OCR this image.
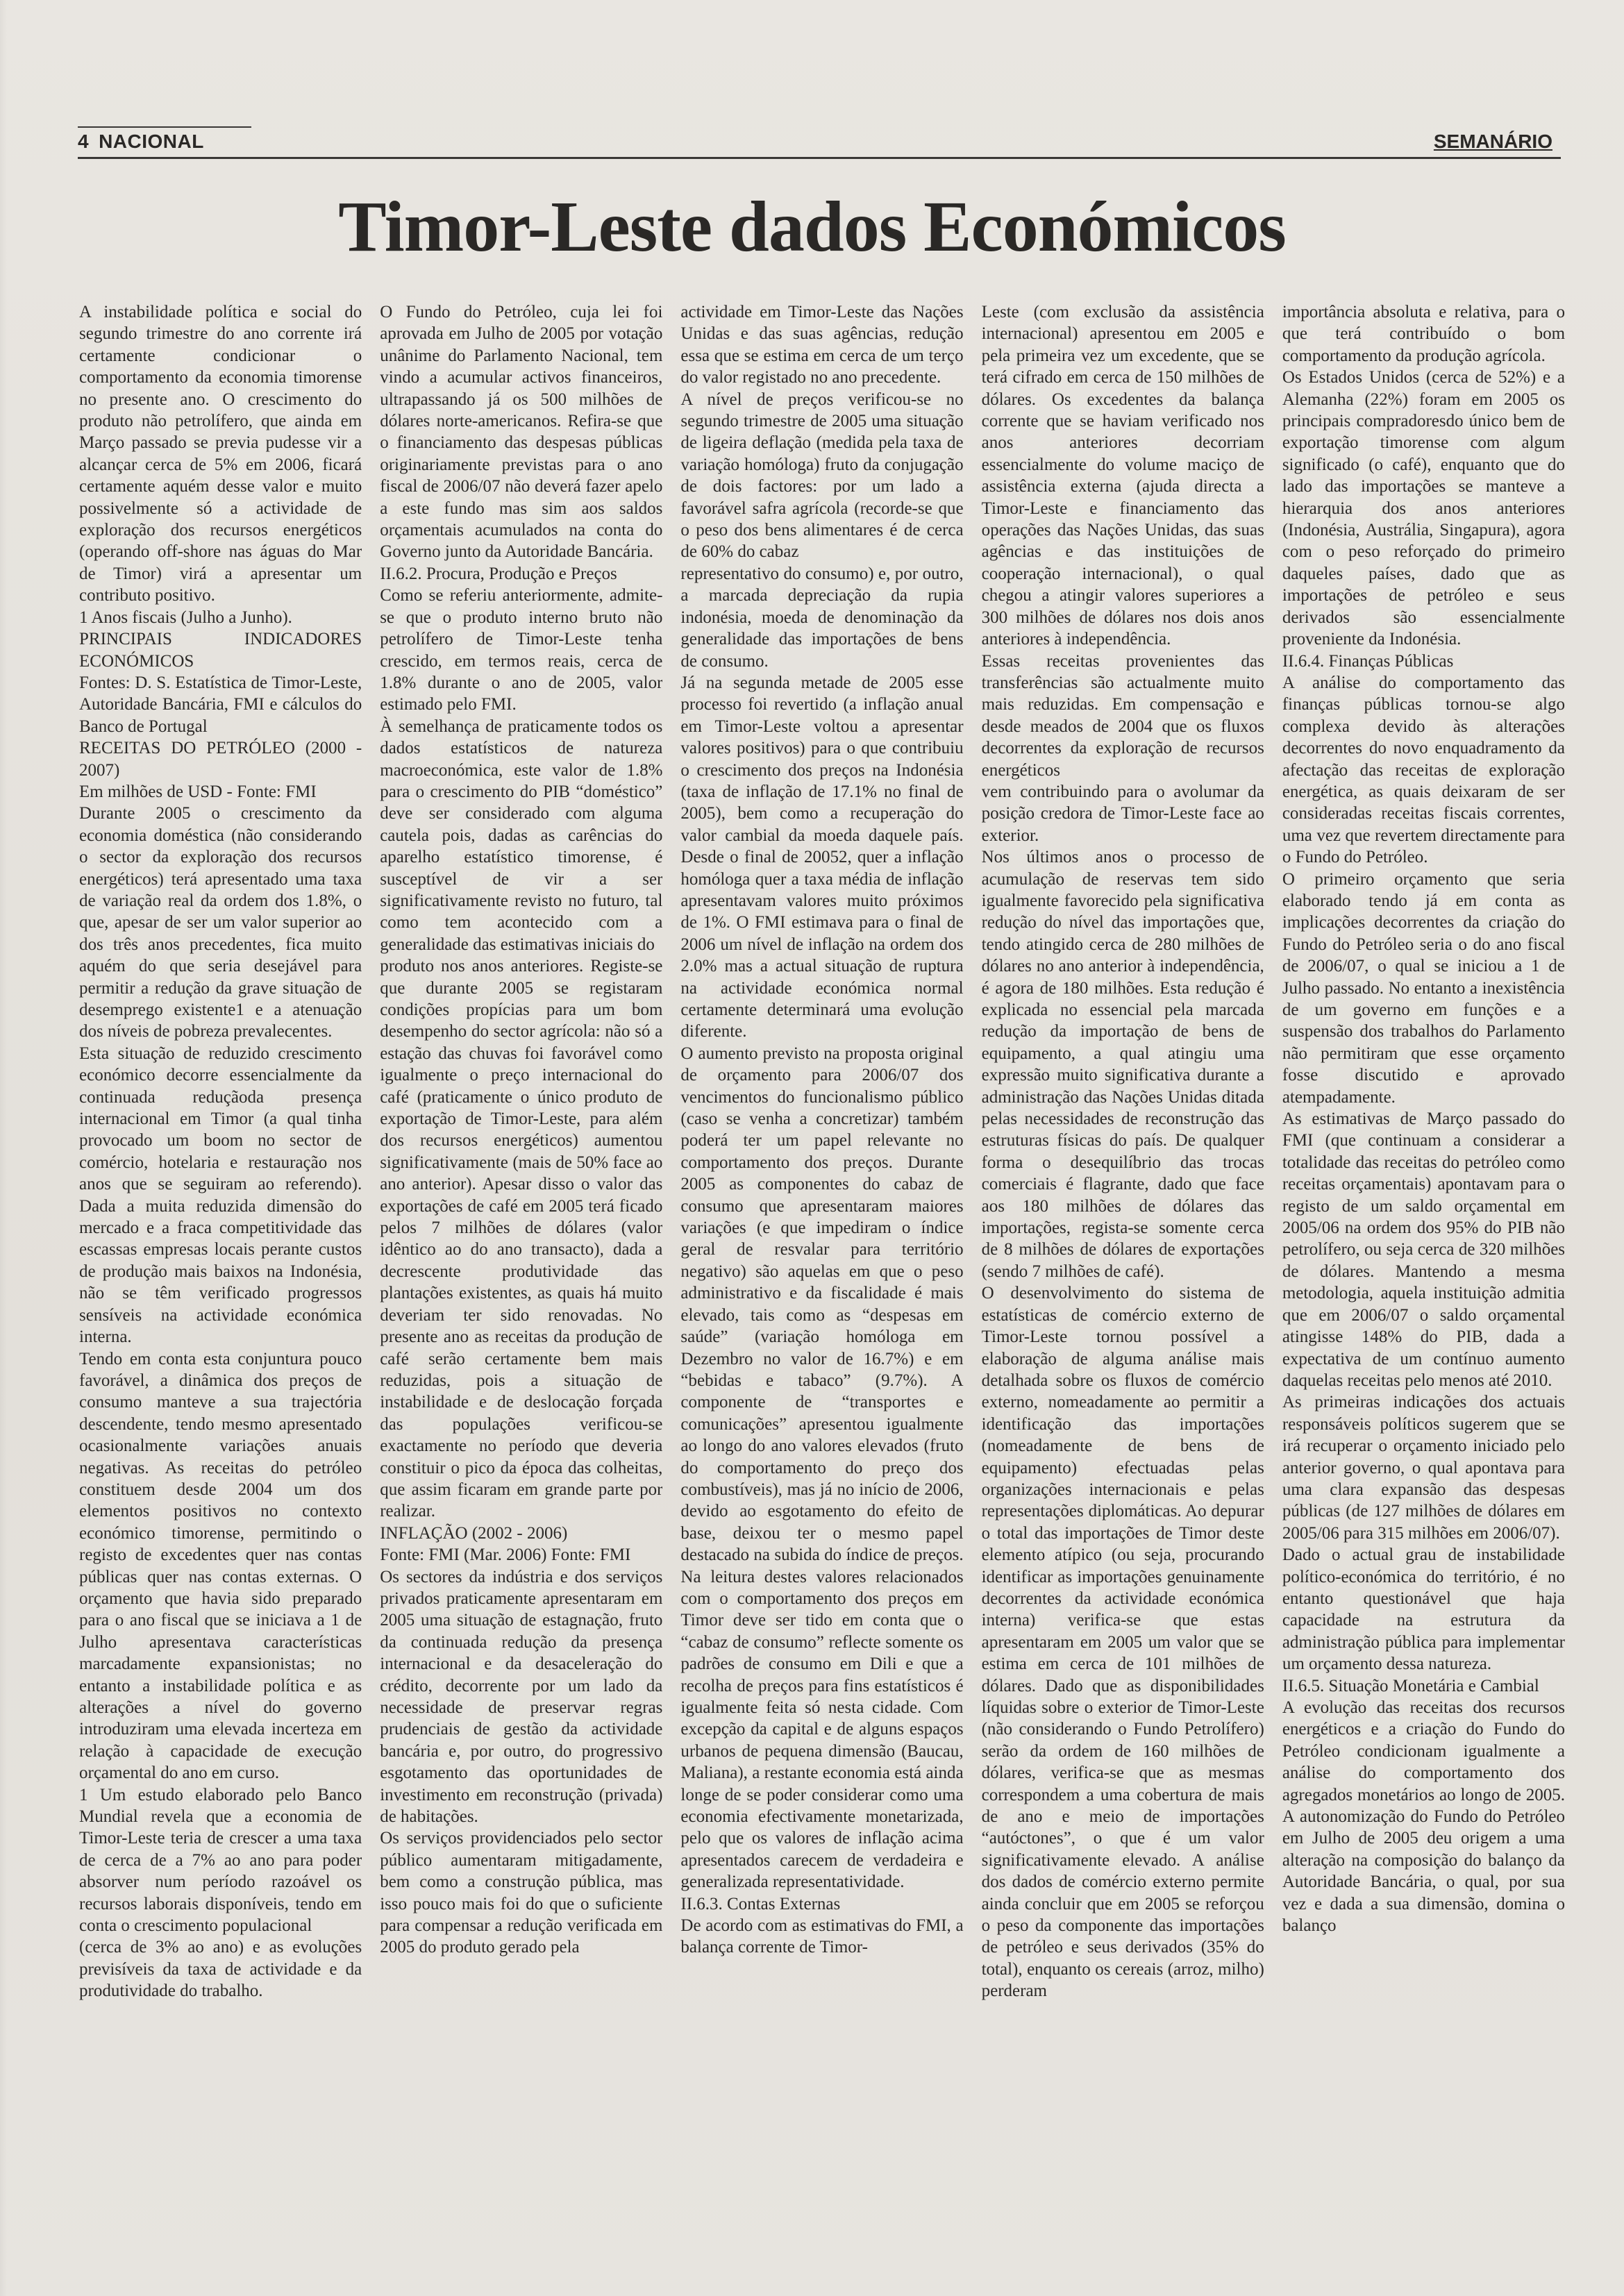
4 NACIONAL	SEMANÁRIO
Timor-Leste dados Económicos

A instabilidade política e social do segundo trimestre do ano corrente irá certamente condicionar o comportamento da economia timorense no presente ano. O crescimento do produto não petrolífero, que ainda em Março passado se previa pudesse vir a alcançar cerca de 5% em 2006, ficará certamente aquém desse valor e muito possivelmente só a actividade de exploração dos recursos energéticos (operando off-shore nas águas do Mar de Timor) virá a apresentar um contributo positivo.

1 Anos fiscais (Julho a Junho).

PRINCIPAIS INDICADORES ECONÓMICOS

Fontes: D. S. Estatística de Timor-Leste, Autoridade Bancária, FMI e cálculos do Banco de Portugal

RECEITAS DO PETRÓLEO (2000 - 2007)

Em milhões de USD - Fonte: FMI

Durante 2005 o crescimento da economia doméstica (não considerando o sector da exploração dos recursos energéticos) terá apresentado uma taxa de variação real da ordem dos 1.8%, o que, apesar de ser um valor superior ao dos três anos precedentes, fica muito aquém do que seria desejável para permitir a redução da grave situação de desemprego existente1 e a atenuação dos níveis de pobreza prevalecentes.

Esta situação de reduzido crescimento económico decorre essencialmente da continuada reduçãoda presença internacional em Timor (a qual tinha provocado um boom no sector de comércio, hotelaria e restauração nos anos que se seguiram ao referendo). Dada a muita reduzida dimensão do mercado e a fraca competitividade das escassas empresas locais perante custos de produção mais baixos na Indonésia, não se têm verificado progressos sensíveis na actividade económica interna.

Tendo em conta esta conjuntura pouco favorável, a dinâmica dos preços de consumo manteve a sua trajectória descendente, tendo mesmo apresentado ocasionalmente variações anuais negativas. As receitas do petróleo constituem desde 2004 um dos elementos positivos no contexto económico timorense, permitindo o registo de excedentes quer nas contas públicas quer nas contas externas. O orçamento que havia sido preparado para o ano fiscal que se iniciava a 1 de Julho apresentava características marcadamente expansionistas; no entanto a instabilidade política e as alterações a nível do governo introduziram uma elevada incerteza em relação à capacidade de execução orçamental do ano em curso.

1 Um estudo elaborado pelo Banco Mundial revela que a economia de Timor-Leste teria de crescer a uma taxa de cerca de a 7% ao ano para poder absorver num período razoável os recursos laborais disponíveis, tendo em conta o crescimento populacional

(cerca de 3% ao ano) e as evoluções previsíveis da taxa de actividade e da produtividade do trabalho.

O Fundo do Petróleo, cuja lei foi aprovada em Julho de 2005 por votação unânime do Parlamento Nacional, tem vindo a acumular activos financeiros, ultrapassando já os 500 milhões de dólares norte-americanos. Refira-se que o financiamento das despesas públicas originariamente previstas para o ano fiscal de 2006/07 não deverá fazer apelo a este fundo mas sim aos saldos orçamentais acumulados na conta do Governo junto da Autoridade Bancária.

II.6.2. Procura, Produção e Preços

Como se referiu anteriormente, admite-se que o produto interno bruto não petrolífero de Timor-Leste tenha crescido, em termos reais, cerca de 1.8% durante o ano de 2005, valor estimado pelo FMI.

À semelhança de praticamente todos os dados estatísticos de natureza macroeconómica, este valor de 1.8% para o crescimento do PIB “doméstico” deve ser considerado com alguma cautela pois, dadas as carências do aparelho estatístico timorense, é susceptível de vir a ser significativamente revisto no futuro, tal como tem acontecido com a generalidade das estimativas iniciais do

produto nos anos anteriores. Registe-se que durante 2005 se registaram condições propícias para um bom desempenho do sector agrícola: não só a estação das chuvas foi favorável como igualmente o preço internacional do café (praticamente o único produto de exportação de Timor-Leste, para além dos recursos energéticos) aumentou significativamente (mais de 50% face ao ano anterior). Apesar disso o valor das exportações de café em 2005 terá ficado pelos 7 milhões de dólares (valor idêntico ao do ano transacto), dada a decrescente produtividade das plantações existentes, as quais há muito deveriam ter sido renovadas. No presente ano as receitas da produção de café serão certamente bem mais reduzidas, pois a situação de instabilidade e de deslocação forçada das populações verificou-se exactamente no período que deveria constituir o pico da época das colheitas, que assim ficaram em grande parte por realizar.

INFLAÇÃO (2002 - 2006)

Fonte: FMI (Mar. 2006) Fonte: FMI

Os sectores da indústria e dos serviços privados praticamente apresentaram em 2005 uma situação de estagnação, fruto da continuada redução da presença internacional e da desaceleração do crédito, decorrente por um lado da necessidade de preservar regras prudenciais de gestão da actividade bancária e, por outro, do progressivo esgotamento das oportunidades de investimento em reconstrução (privada) de habitações.

Os serviços providenciados pelo sector público aumentaram mitigadamente, bem como a construção pública, mas isso pouco mais foi do que o suficiente para compensar a redução verificada em 2005 do produto gerado pela

actividade em Timor-Leste das Nações Unidas e das suas agências, redução essa que se estima em cerca de um terço do valor registado no ano precedente.

A nível de preços verificou-se no segundo trimestre de 2005 uma situação de ligeira deflação (medida pela taxa de variação homóloga) fruto da conjugação de dois factores: por um lado a favorável safra agrícola (recorde-se que o peso dos bens alimentares é de cerca de 60% do cabaz

representativo do consumo) e, por outro, a marcada depreciação da rupia indonésia, moeda de denominação da generalidade das importações de bens de consumo.

Já na segunda metade de 2005 esse processo foi revertido (a inflação anual em Timor-Leste voltou a apresentar valores positivos) para o que contribuiu o crescimento dos preços na Indonésia (taxa de inflação de 17.1% no final de 2005), bem como a recuperação do valor cambial da moeda daquele país. Desde o final de 20052, quer a inflação homóloga quer a taxa média de inflação apresentavam valores muito próximos de 1%. O FMI estimava para o final de 2006 um nível de inflação na ordem dos 2.0% mas a actual situação de ruptura na actividade económica normal certamente determinará uma evolução diferente.

O aumento previsto na proposta original de orçamento para 2006/07 dos vencimentos do funcionalismo público (caso se venha a concretizar) também poderá ter um papel relevante no comportamento dos preços. Durante 2005 as componentes do cabaz de consumo que apresentaram maiores variações (e que impediram o índice geral de resvalar para território negativo) são aquelas em que o peso administrativo e da fiscalidade é mais elevado, tais como as “despesas em saúde” (variação homóloga em Dezembro no valor de 16.7%) e em “bebidas e tabaco” (9.7%). A componente de “transportes e comunicações” apresentou igualmente ao longo do ano valores elevados (fruto do comportamento do preço dos combustíveis), mas já no início de 2006, devido ao esgotamento do efeito de base, deixou ter o mesmo papel destacado na subida do índice de preços. Na leitura destes valores relacionados com o comportamento dos preços em Timor deve ser tido em conta que o “cabaz de consumo” reflecte somente os padrões de consumo em Dili e que a recolha de preços para fins estatísticos é igualmente feita só nesta cidade. Com excepção da capital e de alguns espaços urbanos de pequena dimensão (Baucau, Maliana), a restante economia está ainda longe de se poder considerar como uma economia efectivamente monetarizada, pelo que os valores de inflação acima apresentados carecem de verdadeira e generalizada representatividade.

II.6.3. Contas Externas

De acordo com as estimativas do FMI, a balança corrente de Timor-

Leste (com exclusão da assistência internacional) apresentou em 2005 e pela primeira vez um excedente, que se terá cifrado em cerca de 150 milhões de dólares. Os excedentes da balança corrente que se haviam verificado nos anos anteriores decorriam essencialmente do volume maciço de assistência externa (ajuda directa a Timor-Leste e financiamento das operações das Nações Unidas, das suas agências e das instituições de cooperação internacional), o qual chegou a atingir valores superiores a 300 milhões de dólares nos dois anos anteriores à independência.

Essas receitas provenientes das transferências são actualmente muito mais reduzidas. Em compensação e desde meados de 2004 que os fluxos decorrentes da exploração de recursos energéticos

vem contribuindo para o avolumar da posição credora de Timor-Leste face ao exterior.

Nos últimos anos o processo de acumulação de reservas tem sido igualmente favorecido pela significativa redução do nível das importações que, tendo atingido cerca de 280 milhões de dólares no ano anterior à independência, é agora de 180 milhões. Esta redução é explicada no essencial pela marcada redução da importação de bens de equipamento, a qual atingiu uma expressão muito significativa durante a administração das Nações Unidas ditada pelas necessidades de reconstrução das estruturas físicas do país. De qualquer forma o desequilíbrio das trocas comerciais é flagrante, dado que face aos 180 milhões de dólares das importações, regista-se somente cerca de 8 milhões de dólares de exportações (sendo 7 milhões de café).

O desenvolvimento do sistema de estatísticas de comércio externo de Timor-Leste tornou possível a elaboração de alguma análise mais detalhada sobre os fluxos de comércio externo, nomeadamente ao permitir a identificação das importações (nomeadamente de bens de equipamento) efectuadas pelas organizações internacionais e pelas representações diplomáticas. Ao depurar o total das importações de Timor deste elemento atípico (ou seja, procurando identificar as importações genuinamente decorrentes da actividade económica interna) verifica-se que estas apresentaram em 2005 um valor que se estima em cerca de 101 milhões de dólares. Dado que as disponibilidades líquidas sobre o exterior de Timor-Leste (não considerando o Fundo Petrolífero) serão da ordem de 160 milhões de dólares, verifica-se que as mesmas correspondem a uma cobertura de mais de ano e meio de importações “autóctones”, o que é um valor significativamente elevado. A análise dos dados de comércio externo permite ainda concluir que em 2005 se reforçou o peso da componente das importações de petróleo e seus derivados (35% do total), enquanto os cereais (arroz, milho) perderam

importância absoluta e relativa, para o que terá contribuído o bom comportamento da produção agrícola.

Os Estados Unidos (cerca de 52%) e a Alemanha (22%) foram em 2005 os principais compradoresdo único bem de exportação timorense com algum significado (o café), enquanto que do lado das importações se manteve a hierarquia dos anos anteriores (Indonésia, Austrália, Singapura), agora com o peso reforçado do primeiro daqueles países, dado que as importações de petróleo e seus derivados são essencialmente proveniente da Indonésia.

II.6.4. Finanças Públicas

A análise do comportamento das finanças públicas tornou-se algo complexa devido às alterações decorrentes do novo enquadramento da afectação das receitas de exploração energética, as quais deixaram de ser consideradas receitas fiscais correntes, uma vez que revertem directamente para o Fundo do Petróleo.

O primeiro orçamento que seria elaborado tendo já em conta as implicações decorrentes da criação do Fundo do Petróleo seria o do ano fiscal de 2006/07, o qual se iniciou a 1 de Julho passado. No entanto a inexistência de um governo em funções e a suspensão dos trabalhos do Parlamento não permitiram que esse orçamento fosse discutido e aprovado atempadamente.

As estimativas de Março passado do FMI (que continuam a considerar a totalidade das receitas do petróleo como receitas orçamentais) apontavam para o registo de um saldo orçamental em 2005/06 na ordem dos 95% do PIB não petrolífero, ou seja cerca de 320 milhões de dólares. Mantendo a mesma metodologia, aquela instituição admitia que em 2006/07 o saldo orçamental atingisse 148% do PIB, dada a expectativa de um contínuo aumento daquelas receitas pelo menos até 2010.

As primeiras indicações dos actuais responsáveis políticos sugerem que se irá recuperar o orçamento iniciado pelo anterior governo, o qual apontava para uma clara expansão das despesas públicas (de 127 milhões de dólares em 2005/06 para 315 milhões em 2006/07).

Dado o actual grau de instabilidade político-económica do território, é no entanto questionável que haja capacidade na estrutura da administração pública para implementar um orçamento dessa natureza.

II.6.5. Situação Monetária e Cambial

A evolução das receitas dos recursos energéticos e a criação do Fundo do Petróleo condicionam igualmente a análise do comportamento dos agregados monetários ao longo de 2005. A autonomização do Fundo do Petróleo em Julho de 2005 deu origem a uma alteração na composição do balanço da Autoridade Bancária, o qual, por sua vez e dada a sua dimensão, domina o balanço
